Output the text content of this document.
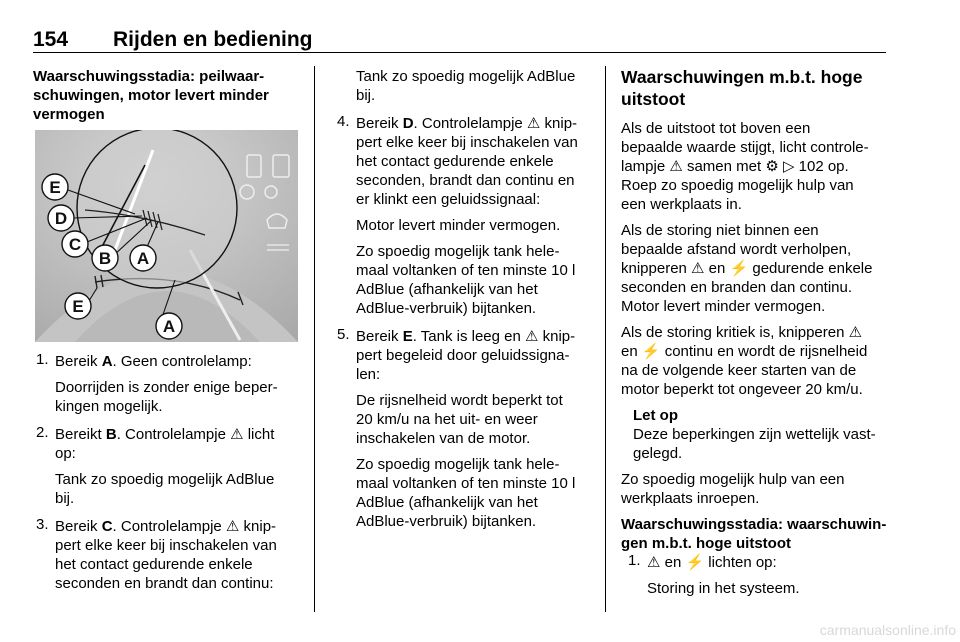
154 Rijden en bediening

Waarschuwingsstadia: peilwaar-
schuwingen, motor levert minder
vermogen

E
D
C
B A
E
A
1. Bereik A. Geen controlelamp:

Doorrijden is zonder enige beper-
kingen mogelijk.

2. Bereikt B. Controlelampje ⚠ licht
op:

Tank zo spoedig mogelijk AdBlue
bij.

3. Bereik C. Controlelampje ⚠ knip-
pert elke keer bij inschakelen van
het contact gedurende enkele
seconden en brandt dan continu:

Tank zo spoedig mogelijk AdBlue
bij.

4. Bereik D. Controlelampje ⚠ knip-
pert elke keer bij inschakelen van
het contact gedurende enkele
seconden, brandt dan continu en
er klinkt een geluidssignaal:

Motor levert minder vermogen.

Zo spoedig mogelijk tank hele-
maal voltanken of ten minste 10 l
AdBlue (afhankelijk van het
AdBlue-verbruik) bijtanken.

5. Bereik E. Tank is leeg en ⚠ knip-
pert begeleid door geluidssigna-
len:

De rijsnelheid wordt beperkt tot
20 km/u na het uit- en weer
inschakelen van de motor.

Zo spoedig mogelijk tank hele-
maal voltanken of ten minste 10 l
AdBlue (afhankelijk van het
AdBlue-verbruik) bijtanken.

Waarschuwingen m.b.t. hoge
uitstoot

Als de uitstoot tot boven een
bepaalde waarde stijgt, licht controle-
lampje ⚠ samen met ⚙ ▷ 102 op.
Roep zo spoedig mogelijk hulp van
een werkplaats in.

Als de storing niet binnen een
bepaalde afstand wordt verholpen,
knipperen ⚠ en ⚡ gedurende enkele
seconden en branden dan continu.
Motor levert minder vermogen.

Als de storing kritiek is, knipperen ⚠
en ⚡ continu en wordt de rijsnelheid
na de volgende keer starten van de
motor beperkt tot ongeveer 20 km/u.

Let op

Deze beperkingen zijn wettelijk vast-
gelegd.

Zo spoedig mogelijk hulp van een
werkplaats inroepen.

Waarschuwingsstadia: waarschuwin-
gen m.b.t. hoge uitstoot

1. ⚠ en ⚡ lichten op:

Storing in het systeem.

carmanualsonline.info
